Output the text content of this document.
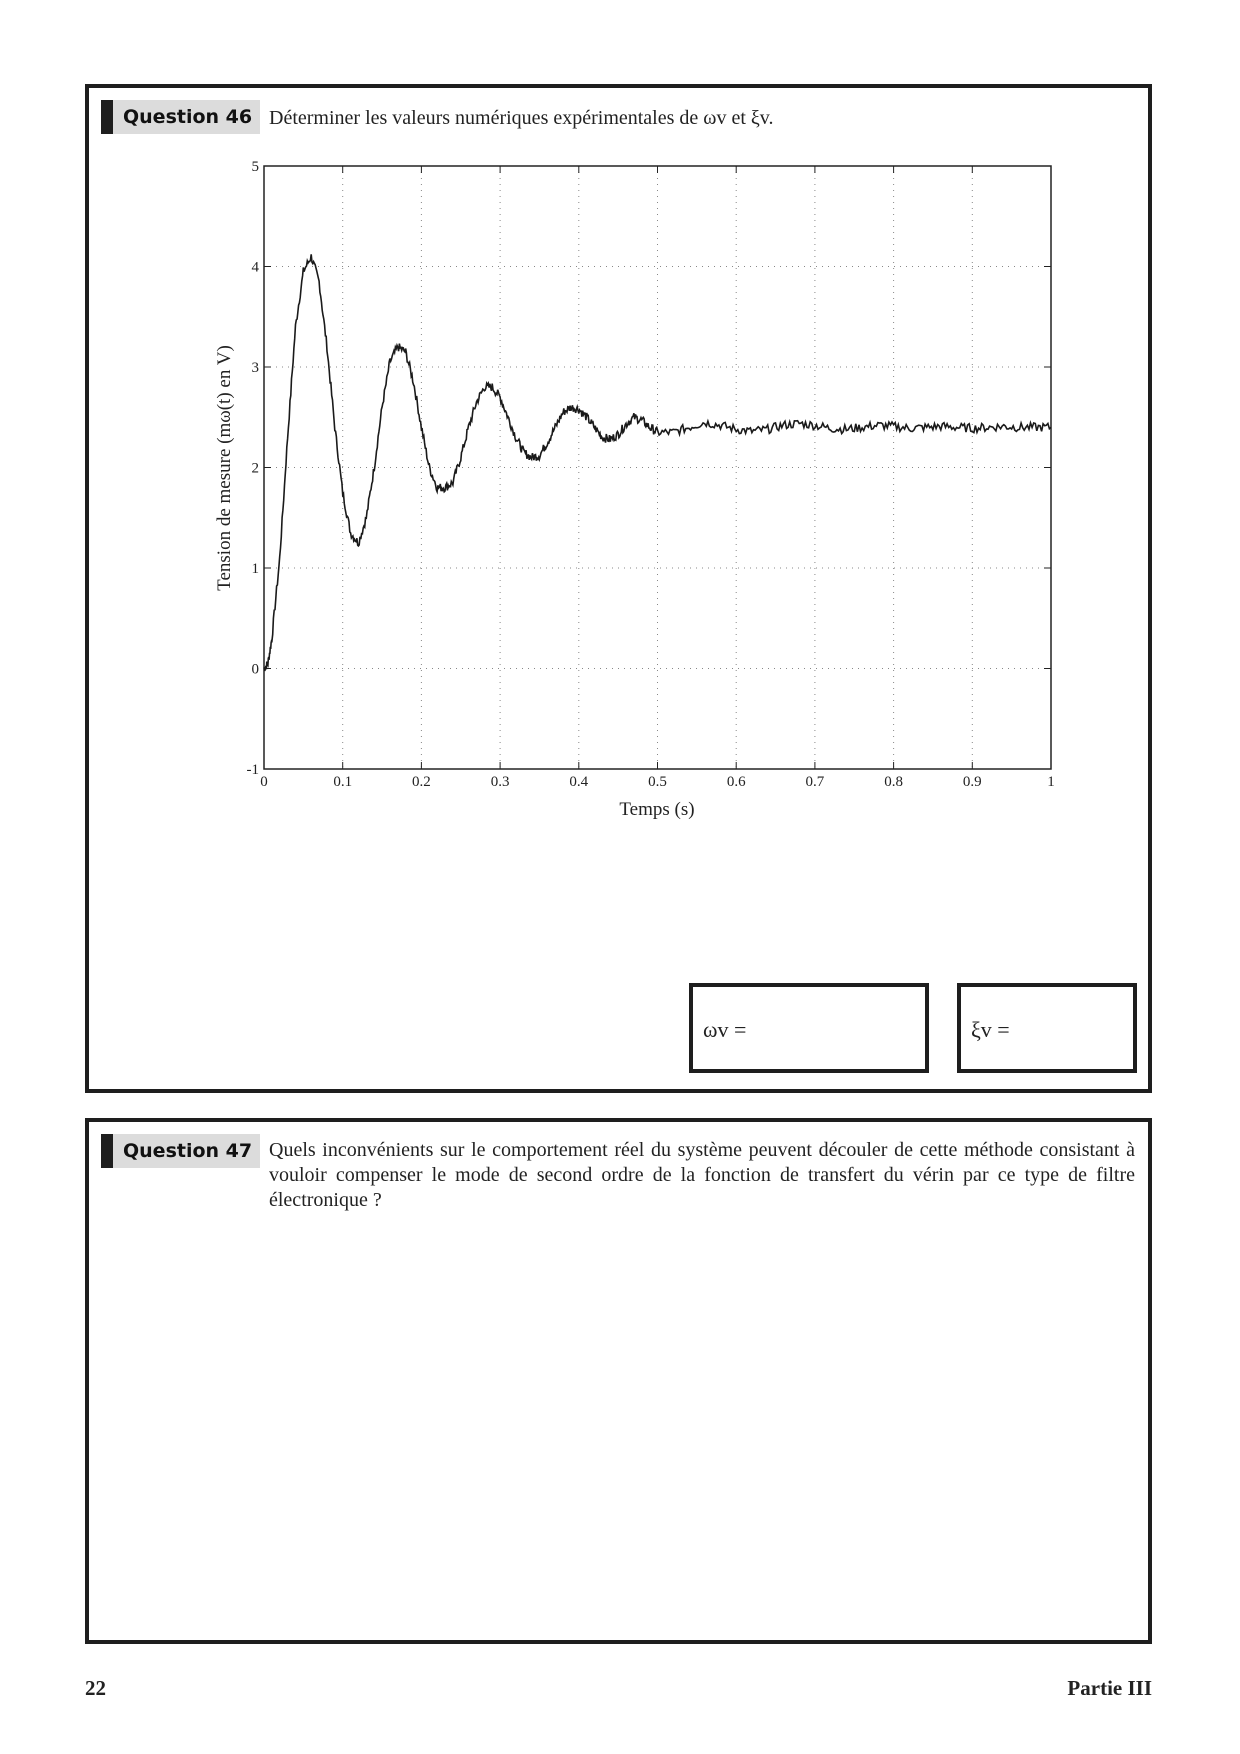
Question 46 Déterminer les valeurs numériques expérimentales de ωv et ξv.
0	0.1	0.2	0.3	0.4	0.5	0.6	0.7	0.8	0.9	1
-1
0
1
2
3
4
5
Temps (s)
Tension de mesure (mω(t) en V)
ωv =	ξv =
Question 47 Quels inconvénients sur le comportement réel du système peuvent découler de cette méthode consistant à vouloir compenser le mode de second ordre de la fonction de transfert du vérin par ce type de filtre électronique ?
22	Partie III
